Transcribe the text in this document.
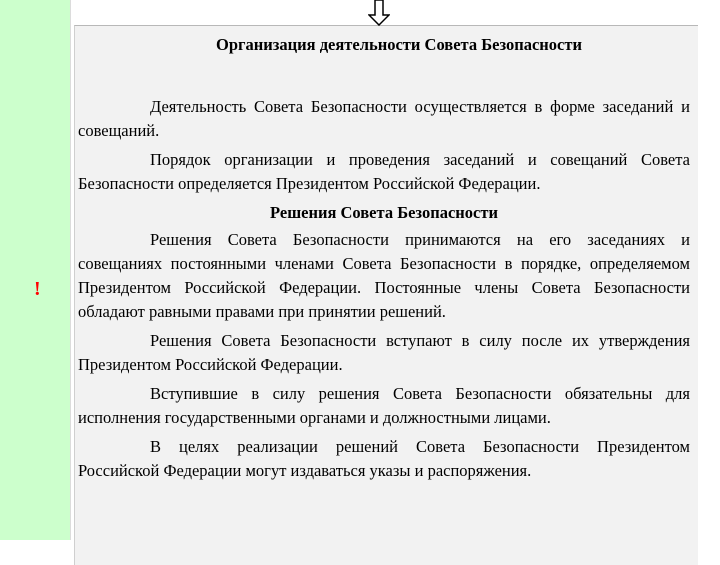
!
Организация деятельности Совета Безопасности

Деятельность Совета Безопасности осуществляется в форме заседаний и совещаний.

Порядок организации и проведения заседаний и совещаний Совета Безопасности определяется Президентом Российской Федерации.

Решения Совета Безопасности

Решения Совета Безопасности принимаются на его заседаниях и совещаниях постоянными членами Совета Безопасности в порядке, определяемом Президентом Российской Федерации. Постоянные члены Совета Безопасности обладают равными правами при принятии решений.

Решения Совета Безопасности вступают в силу после их утверждения Президентом Российской Федерации.

Вступившие в силу решения Совета Безопасности обязательны для исполнения государственными органами и должностными лицами.

В целях реализации решений Совета Безопасности Президентом Российской Федерации могут издаваться указы и распоряжения.
